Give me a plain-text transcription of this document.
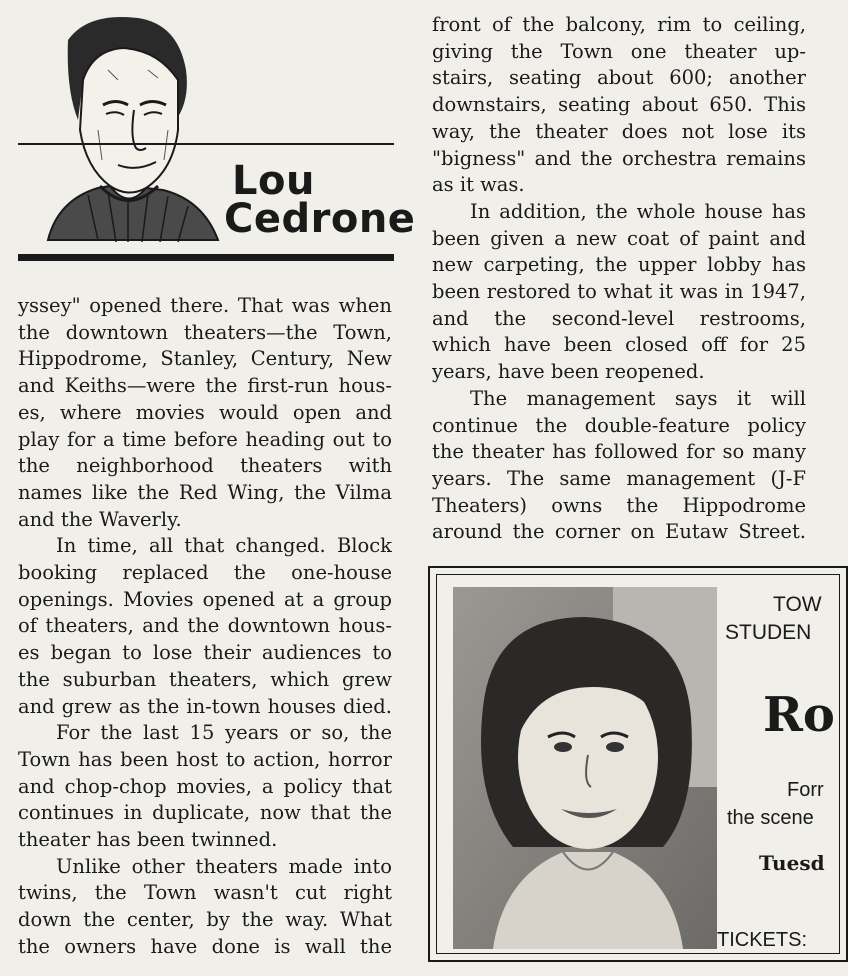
Lou
Cedrone
yssey" opened there. That was when
the downtown theaters—the Town,
Hippodrome, Stanley, Century, New
and Keiths—were the first-run hous-
es, where movies would open and
play for a time before heading out to
the neighborhood theaters with
names like the Red Wing, the Vilma
and the Waverly.
In time, all that changed. Block
booking replaced the one-house
openings. Movies opened at a group
of theaters, and the downtown hous-
es began to lose their audiences to
the suburban theaters, which grew
and grew as the in-town houses died.
For the last 15 years or so, the
Town has been host to action, horror
and chop-chop movies, a policy that
continues in duplicate, now that the
theater has been twinned.
Unlike other theaters made into
twins, the Town wasn't cut right
down the center, by the way. What
the owners have done is wall the
front of the balcony, rim to ceiling,
giving the Town one theater up-
stairs, seating about 600; another
downstairs, seating about 650. This
way, the theater does not lose its
"bigness" and the orchestra remains
as it was.
In addition, the whole house has
been given a new coat of paint and
new carpeting, the upper lobby has
been restored to what it was in 1947,
and the second-level restrooms,
which have been closed off for 25
years, have been reopened.
The management says it will
continue the double-feature policy
the theater has followed for so many
years. The same management (J-F
Theaters) owns the Hippodrome
around the corner on Eutaw Street.
TOW
STUDEN
Ro
Forr
the scene
Tuesd
TICKETS:
